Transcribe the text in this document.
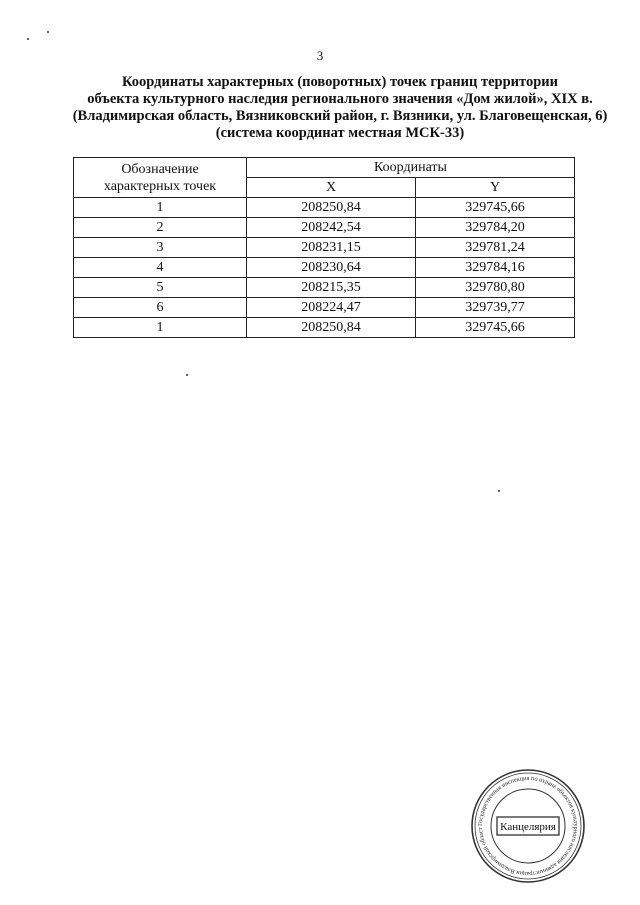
3
Координаты характерных (поворотных) точек границ территории
объекта культурного наследия регионального значения «Дом жилой», XIX в.
(Владимирская область, Вязниковский район, г. Вязники, ул. Благовещенская, 6)
(система координат местная МСК-33)
Обозначение
характерных точек	Координаты	
	X	Y
1	208250,84	329745,66
2	208242,54	329784,20
3	208231,15	329781,24
4	208230,64	329784,16
5	208215,35	329780,80
6	208224,47	329739,77
1	208250,84	329745,66
Государственная инспекция по охране объектов культурного наследия администрации Владимирской област	Канцелярия
